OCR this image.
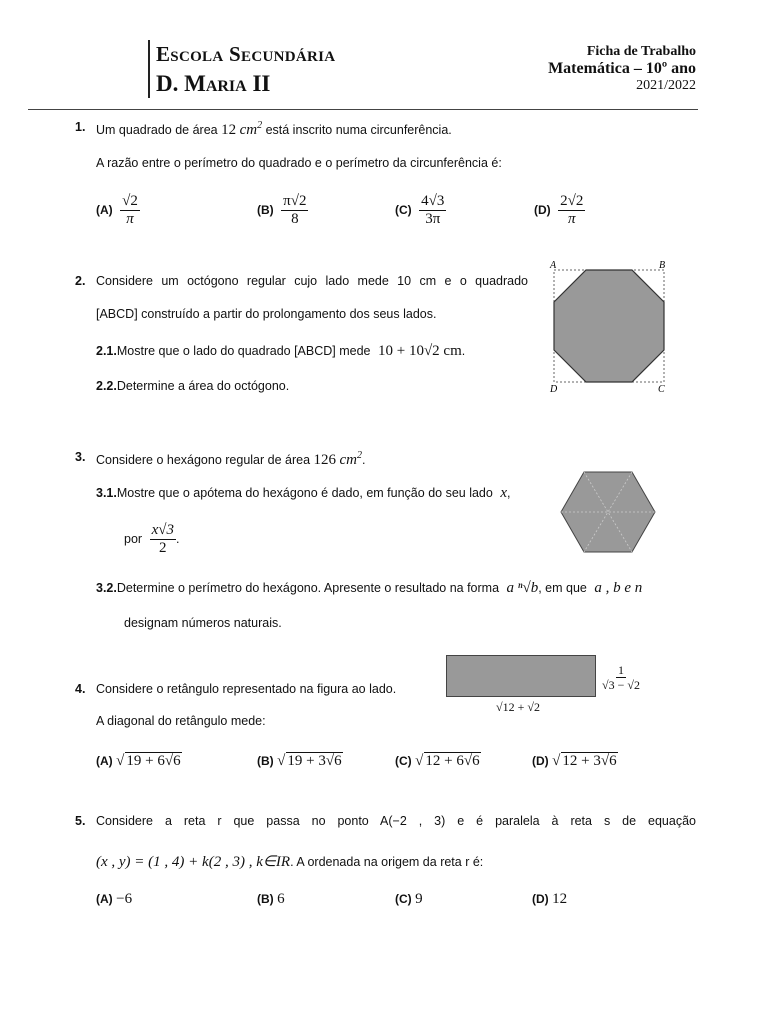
Escola Secundária
D. Maria II
Ficha de Trabalho
Matemática – 10º ano
2021/2022
1. Um quadrado de área 12 $cm^2$ está inscrito numa circunferência.
A razão entre o perímetro do quadrado e o perímetro da circunferência é:
$(A) \frac{√2}{\pi}$	$(B) \frac{\pi√2}{8}$	$(C) \frac{4√3}{3\pi}$	$(D) \frac{2√2}{\pi}$
2. Considere um octógono regular cujo lado mede 10 cm e o quadrado
[ABCD] construído a partir do prolongamento dos seus lados.
2.1.Mostre que o lado do quadrado [ABCD] mede 10 + 10√2 cm.
2.2.Determine a área do octógono.
A	B
C
D
3. Considere o hexágono regular de área 126 $cm^2$.
3.1.Mostre que o apótema do hexágono é dado, em função do seu lado x,
por $\frac{x√3}{2}$ .
3.2.Determine o perímetro do hexágono. Apresente o resultado na forma a ⁿ√b, em que a , b e n
designam números naturais.
4. Considere o retângulo representado na figura ao lado.
A diagonal do retângulo mede:
$\frac{1}{√3 - √2}$
√12 + √2
(A) √ 19 + 6√6	(B) √ 19 + 3√6	(C) √ 12 + 6√6	(D) √ 12 + 3√6
5. Considere a reta r que passa no ponto A(−2 , 3) e é paralela à reta s de equação
(x , y) = (1 , 4) + k(2 , 3) , k∈IR. A ordenada na origem da reta r é:
(A) −6	(B) 6	(C) 9	(D) 12
